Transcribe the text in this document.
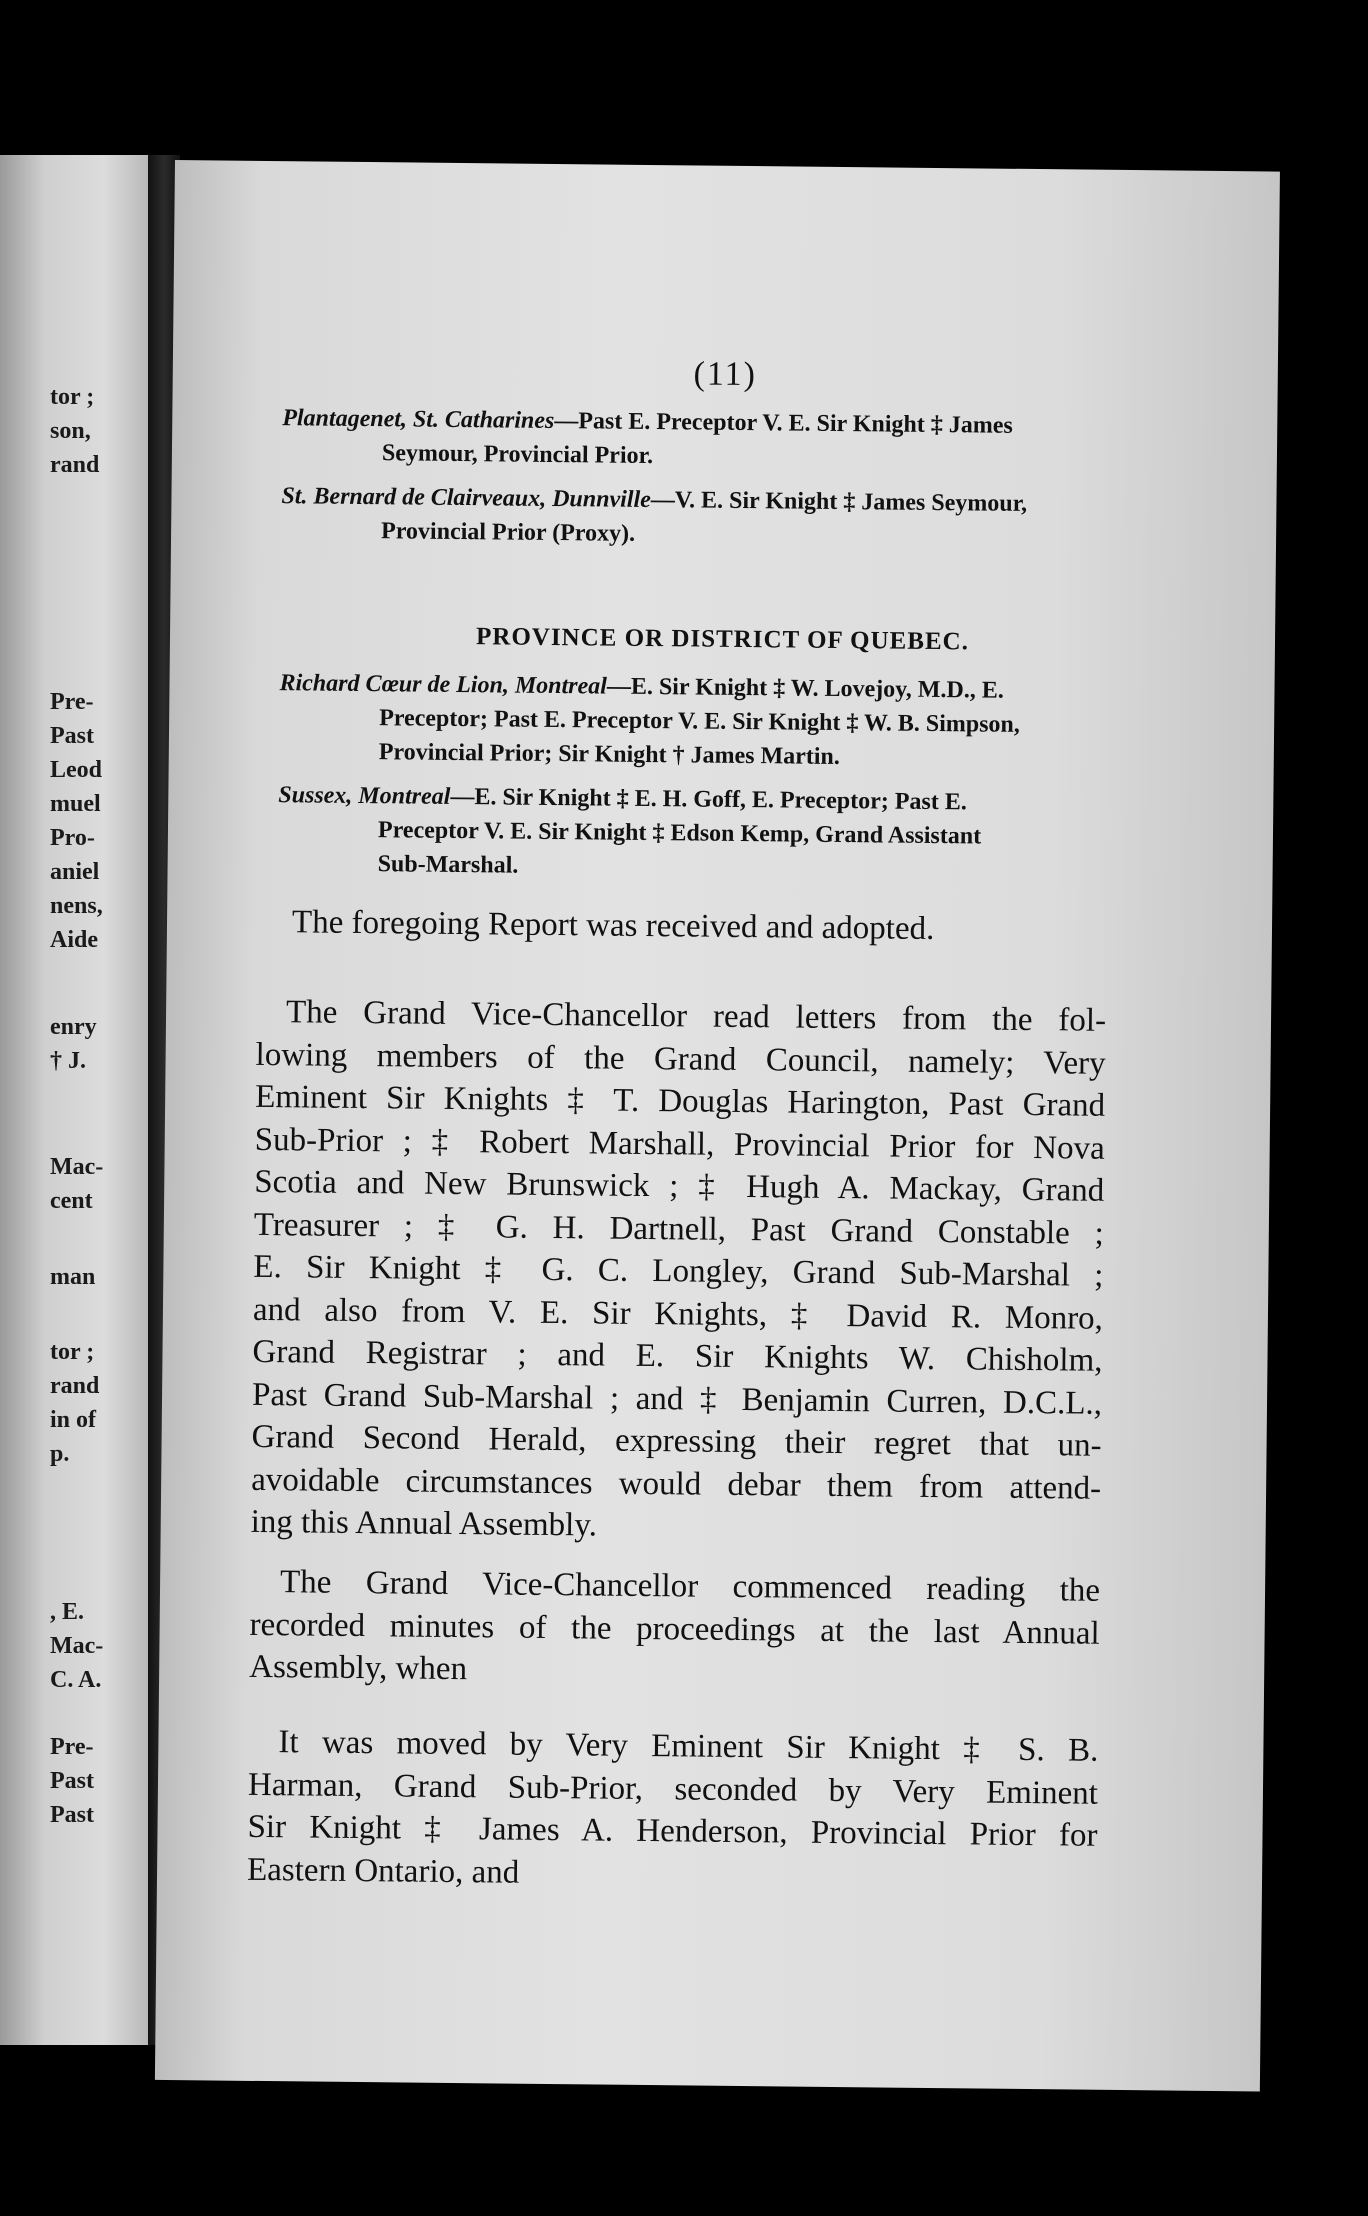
tor ;
son,
rand
Pre-
Past
Leod
muel
Pro-
aniel
nens,
Aide
enry
† J.
Mac-
cent
man
tor ;
rand
in of
p.
, E.
Mac-
C. A.
Pre-
Past
Past
(11)
Plantagenet, St. Catharines—Past E. Preceptor V. E. Sir Knight ‡ James
Seymour, Provincial Prior.
St. Bernard de Clairveaux, Dunnville—V. E. Sir Knight ‡ James Seymour,
Provincial Prior (Proxy).
PROVINCE OR DISTRICT OF QUEBEC.
Richard Cœur de Lion, Montreal—E. Sir Knight ‡ W. Lovejoy, M.D., E.
Preceptor; Past E. Preceptor V. E. Sir Knight ‡ W. B. Simpson,
Provincial Prior; Sir Knight † James Martin.
Sussex, Montreal—E. Sir Knight ‡ E. H. Goff, E. Preceptor; Past E.
Preceptor V. E. Sir Knight ‡ Edson Kemp, Grand Assistant
Sub-Marshal.
The foregoing Report was received and adopted.
The Grand Vice-Chancellor read letters from the fol-
lowing members of the Grand Council, namely; Very
Eminent Sir Knights ‡ T. Douglas Harington, Past Grand
Sub-Prior ; ‡ Robert Marshall, Provincial Prior for Nova
Scotia and New Brunswick ; ‡ Hugh A. Mackay, Grand
Treasurer ; ‡ G. H. Dartnell, Past Grand Constable ;
E. Sir Knight ‡ G. C. Longley, Grand Sub-Marshal ;
and also from V. E. Sir Knights, ‡ David R. Monro,
Grand Registrar ; and E. Sir Knights W. Chisholm,
Past Grand Sub-Marshal ; and ‡ Benjamin Curren, D.C.L.,
Grand Second Herald, expressing their regret that un-
avoidable circumstances would debar them from attend-
ing this Annual Assembly.
The Grand Vice-Chancellor commenced reading the
recorded minutes of the proceedings at the last Annual
Assembly, when
It was moved by Very Eminent Sir Knight ‡ S. B.
Harman, Grand Sub-Prior, seconded by Very Eminent
Sir Knight ‡ James A. Henderson, Provincial Prior for
Eastern Ontario, and
